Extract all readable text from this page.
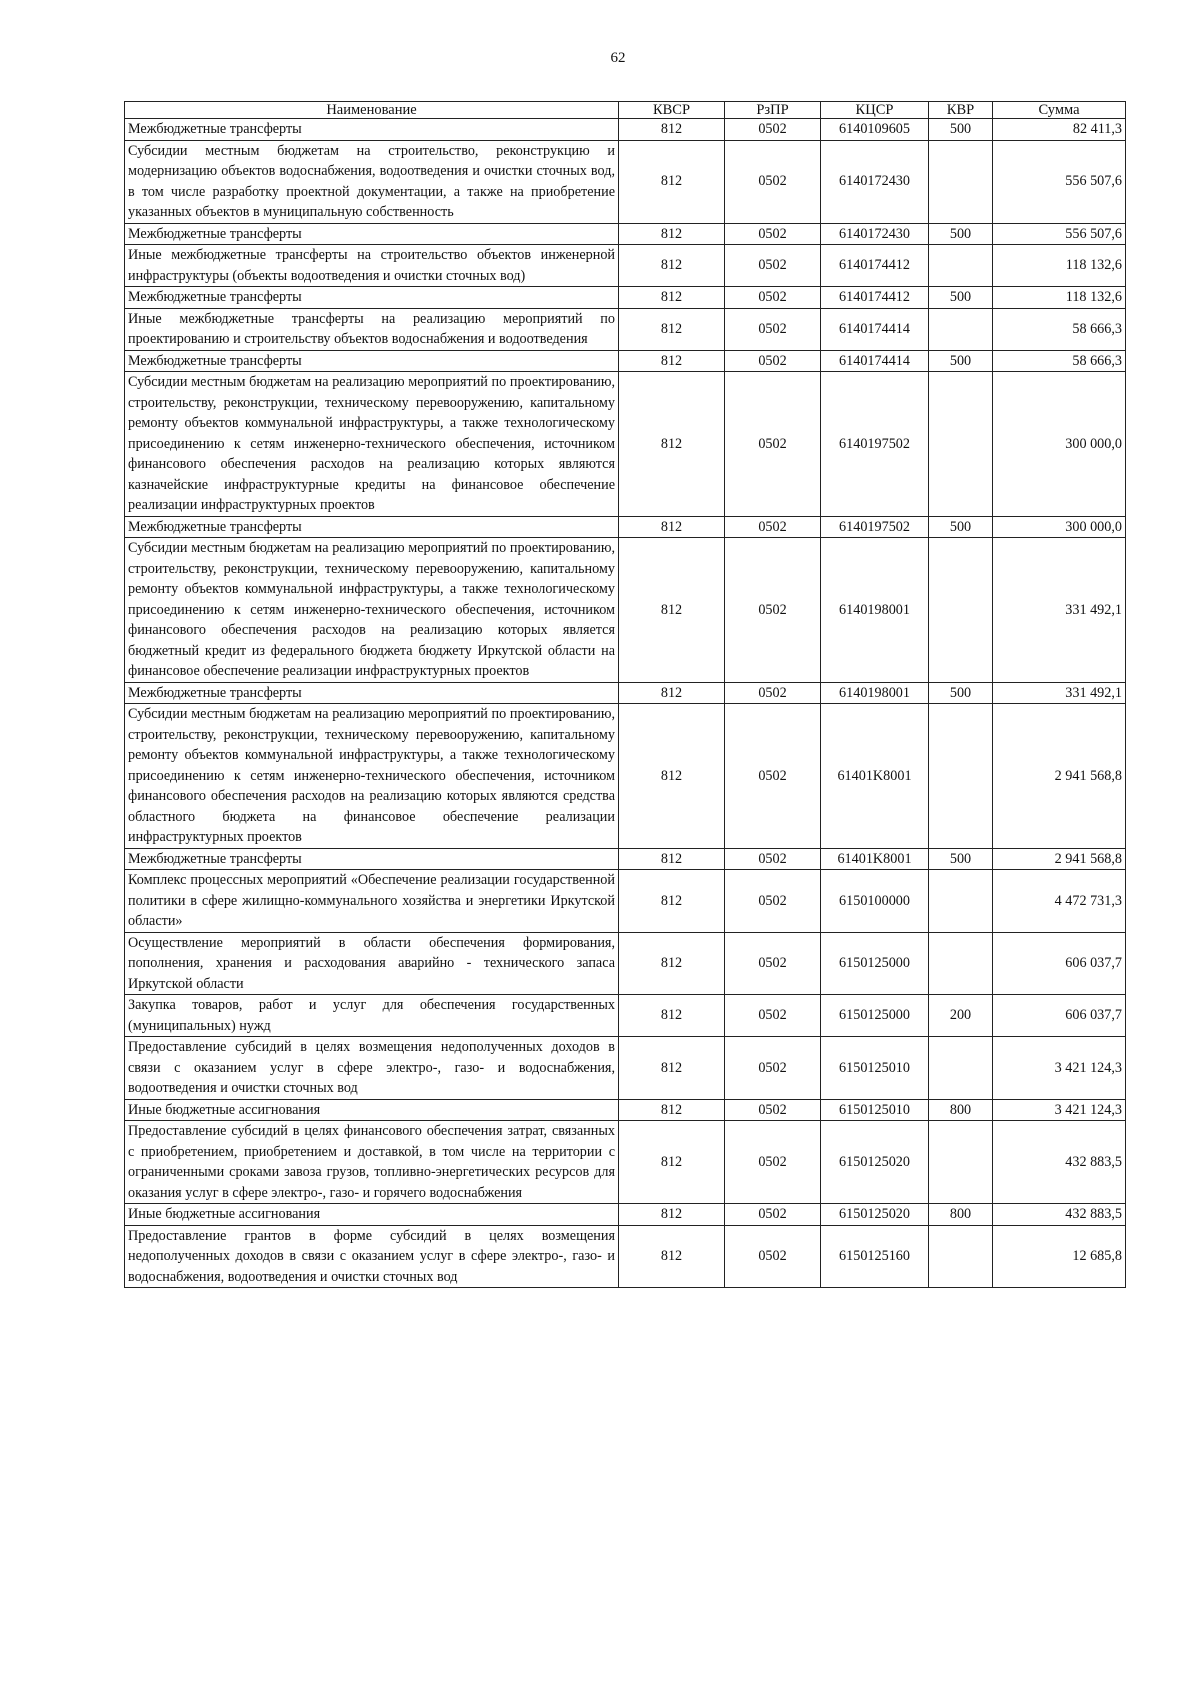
62
Наименование	КВСР	РзПР	КЦСР	КВР	Сумма
Межбюджетные трансферты	812	0502	6140109605	500	82 411,3
Субсидии местным бюджетам на строительство, реконструкцию и модернизацию объектов водоснабжения, водоотведения и очистки сточных вод, в том числе разработку проектной документации, а также на приобретение указанных объектов в муниципальную собственность	812	0502	6140172430		556 507,6
Межбюджетные трансферты	812	0502	6140172430	500	556 507,6
Иные межбюджетные трансферты на строительство объектов инженерной инфраструктуры (объекты водоотведения и очистки сточных вод)	812	0502	6140174412		118 132,6
Межбюджетные трансферты	812	0502	6140174412	500	118 132,6
Иные межбюджетные трансферты на реализацию мероприятий по проектированию и строительству объектов водоснабжения и водоотведения	812	0502	6140174414		58 666,3
Межбюджетные трансферты	812	0502	6140174414	500	58 666,3
Субсидии местным бюджетам на реализацию мероприятий по проектированию, строительству, реконструкции, техническому перевооружению, капитальному ремонту объектов коммунальной инфраструктуры, а также технологическому присоединению к сетям инженерно-технического обеспечения, источником финансового обеспечения расходов на реализацию которых являются казначейские инфраструктурные кредиты на финансовое обеспечение реализации инфраструктурных проектов	812	0502	6140197502		300 000,0
Межбюджетные трансферты	812	0502	6140197502	500	300 000,0
Субсидии местным бюджетам на реализацию мероприятий по проектированию, строительству, реконструкции, техническому перевооружению, капитальному ремонту объектов коммунальной инфраструктуры, а также технологическому присоединению к сетям инженерно-технического обеспечения, источником финансового обеспечения расходов на реализацию которых является бюджетный кредит из федерального бюджета бюджету Иркутской области на финансовое обеспечение реализации инфраструктурных проектов	812	0502	6140198001		331 492,1
Межбюджетные трансферты	812	0502	6140198001	500	331 492,1
Субсидии местным бюджетам на реализацию мероприятий по проектированию, строительству, реконструкции, техническому перевооружению, капитальному ремонту объектов коммунальной инфраструктуры, а также технологическому присоединению к сетям инженерно-технического обеспечения, источником финансового обеспечения расходов на реализацию которых являются средства областного бюджета на финансовое обеспечение реализации инфраструктурных проектов	812	0502	61401K8001		2 941 568,8
Межбюджетные трансферты	812	0502	61401K8001	500	2 941 568,8
Комплекс процессных мероприятий «Обеспечение реализации государственной политики в сфере жилищно-коммунального хозяйства и энергетики Иркутской области»	812	0502	6150100000		4 472 731,3
Осуществление мероприятий в области обеспечения формирования, пополнения, хранения и расходования аварийно - технического запаса Иркутской области	812	0502	6150125000		606 037,7
Закупка товаров, работ и услуг для обеспечения государственных (муниципальных) нужд	812	0502	6150125000	200	606 037,7
Предоставление субсидий в целях возмещения недополученных доходов в связи с оказанием услуг в сфере электро-, газо- и водоснабжения, водоотведения и очистки сточных вод	812	0502	6150125010		3 421 124,3
Иные бюджетные ассигнования	812	0502	6150125010	800	3 421 124,3
Предоставление субсидий в целях финансового обеспечения затрат, связанных с приобретением, приобретением и доставкой, в том числе на территории с ограниченными сроками завоза грузов, топливно-энергетических ресурсов для оказания услуг в сфере электро-, газо- и горячего водоснабжения	812	0502	6150125020		432 883,5
Иные бюджетные ассигнования	812	0502	6150125020	800	432 883,5
Предоставление грантов в форме субсидий в целях возмещения недополученных доходов в связи с оказанием услуг в сфере электро-, газо- и водоснабжения, водоотведения и очистки сточных вод	812	0502	6150125160		12 685,8
